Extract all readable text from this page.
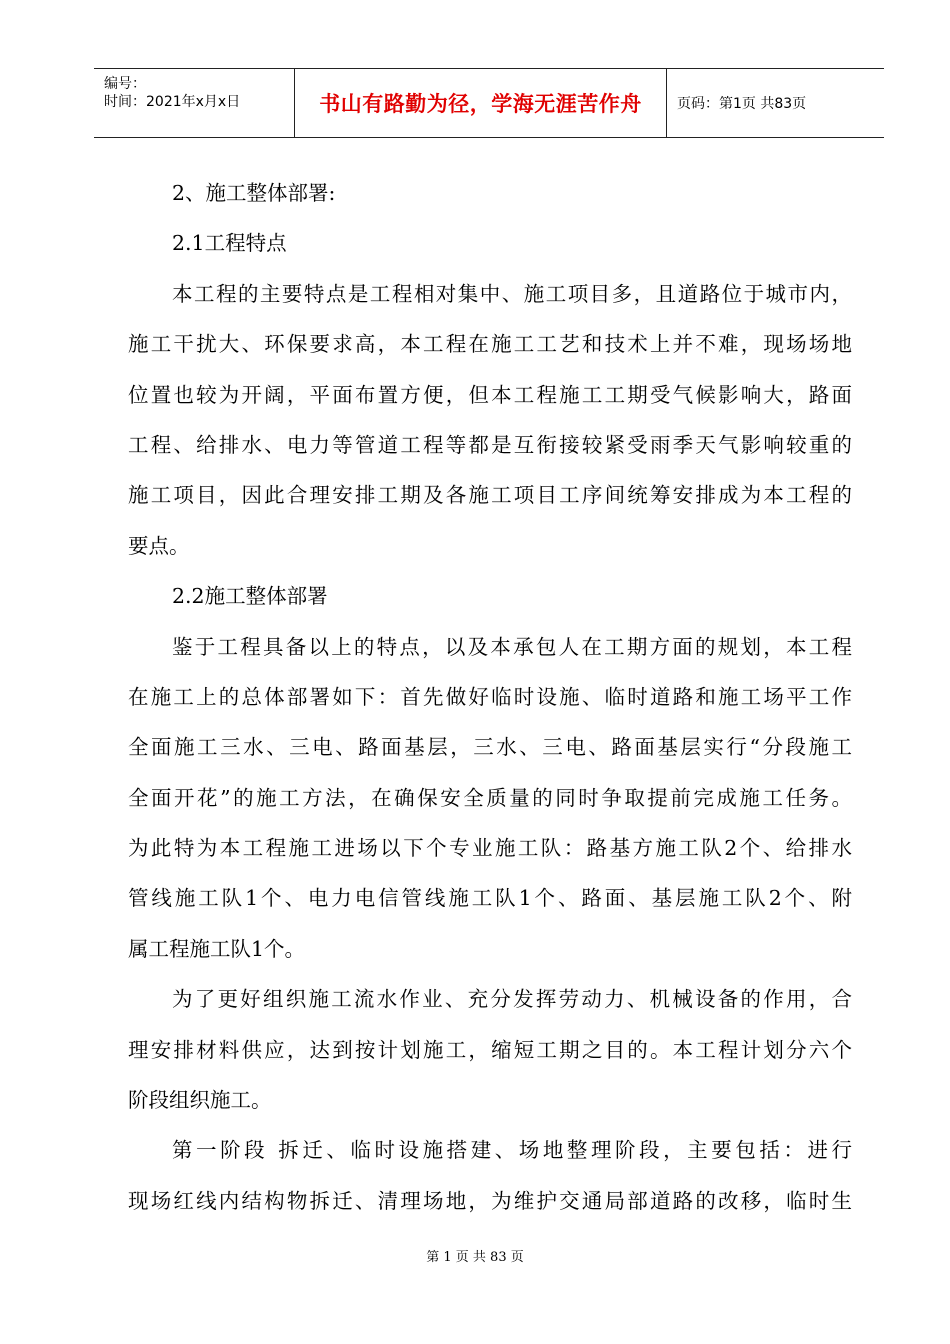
编号：
时间：2021年x月x日	书山有路勤为径，学海无涯苦作舟	页码：第1页 共83页
2、施工整体部署:
2.1工程特点
本工程的主要特点是工程相对集中、施工项目多，且道路位于城市内，
施工干扰大、环保要求高，本工程在施工工艺和技术上并不难，现场场地
位置也较为开阔，平面布置方便，但本工程施工工期受气候影响大，路面
工程、给排水、电力等管道工程等都是互衔接较紧受雨季天气影响较重的
施工项目，因此合理安排工期及各施工项目工序间统筹安排成为本工程的
要点。
2.2施工整体部署
鉴于工程具备以上的特点，以及本承包人在工期方面的规划，本工程
在施工上的总体部署如下：首先做好临时设施、临时道路和施工场平工作
全面施工三水、三电、路面基层，三水、三电、路面基层实行“分段施工
全面开花”的施工方法，在确保安全质量的同时争取提前完成施工任务。
为此特为本工程施工进场以下个专业施工队：路基方施工队2个、给排水
管线施工队1个、电力电信管线施工队1个、路面、基层施工队2个、附
属工程施工队1个。
为了更好组织施工流水作业、充分发挥劳动力、机械设备的作用，合
理安排材料供应，达到按计划施工，缩短工期之目的。本工程计划分六个
阶段组织施工。
第一阶段 拆迁、临时设施搭建、场地整理阶段，主要包括：进行
现场红线内结构物拆迁、清理场地，为维护交通局部道路的改移，临时生
第 1 页 共 83 页
